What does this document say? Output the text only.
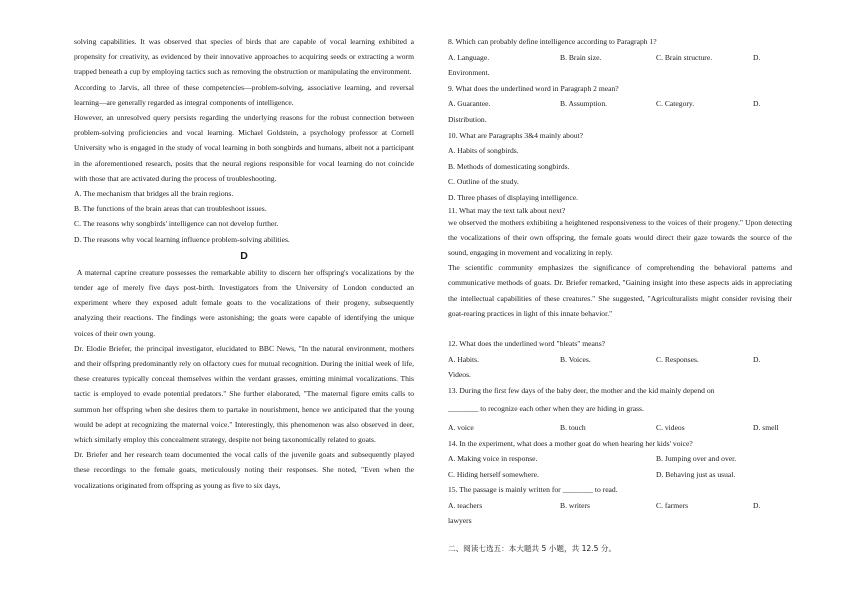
solving capabilities. It was observed that species of birds that are capable of vocal learning exhibited a propensity for creativity, as evidenced by their innovative approaches to acquiring seeds or extracting a worm trapped beneath a cup by employing tactics such as removing the obstruction or manipulating the environment.

According to Jarvis, all three of these competencies—problem-solving, associative learning, and reversal learning—are generally regarded as integral components of intelligence.

However, an unresolved query persists regarding the underlying reasons for the robust connection between problem-solving proficiencies and vocal learning. Michael Goldstein, a psychology professor at Cornell University who is engaged in the study of vocal learning in both songbirds and humans, albeit not a participant in the aforementioned research, posits that the neural regions responsible for vocal learning do not coincide with those that are activated during the process of troubleshooting.

A. The mechanism that bridges all the brain regions.

B. The functions of the brain areas that can troubleshoot issues.

C. The reasons why songbirds' intelligence can not develop further.

D. The reasons why vocal learning influence problem-solving abilities.

D

A maternal caprine creature possesses the remarkable ability to discern her offspring's vocalizations by the tender age of merely five days post-birth. Investigators from the University of London conducted an experiment where they exposed adult female goats to the vocalizations of their progeny, subsequently analyzing their reactions. The findings were astonishing; the goats were capable of identifying the unique voices of their own young.

Dr. Elodie Briefer, the principal investigator, elucidated to BBC News, "In the natural environment, mothers and their offspring predominantly rely on olfactory cues for mutual recognition. During the initial week of life, these creatures typically conceal themselves within the verdant grasses, emitting minimal vocalizations. This tactic is employed to evade potential predators." She further elaborated, "The maternal figure emits calls to summon her offspring when she desires them to partake in nourishment, hence we anticipated that the young would be adept at recognizing the maternal voice." Interestingly, this phenomenon was also observed in deer, which similarly employ this concealment strategy, despite not being taxonomically related to goats.

Dr. Briefer and her research team documented the vocal calls of the juvenile goats and subsequently played these recordings to the female goats, meticulously noting their responses. She noted, "Even when the vocalizations originated from offspring as young as five to six days,

8. Which can probably define intelligence according to Paragraph 1?

A. Language.	B. Brain size.	C. Brain structure.	D.

Environment.

9. What does the underlined word in Paragraph 2 mean?

A. Guarantee.	B. Assumption.	C. Category.	D.

Distribution.

10. What are Paragraphs 3&4 mainly about?

A. Habits of songbirds.

B. Methods of domesticating songbirds.

C. Outline of the study.

D. Three phases of displaying intelligence.

11. What may the text talk about next?

we observed the mothers exhibiting a heightened responsiveness to the voices of their progeny." Upon detecting the vocalizations of their own offspring, the female goats would direct their gaze towards the source of the sound, engaging in movement and vocalizing in reply.

The scientific community emphasizes the significance of comprehending the behavioral patterns and communicative methods of goats. Dr. Briefer remarked, "Gaining insight into these aspects aids in appreciating the intellectual capabilities of these creatures." She suggested, "Agriculturalists might consider revising their goat-rearing practices in light of this innate behavior."

12. What does the underlined word "bleats" means?

A. Habits.	B. Voices.	C. Responses.	D.

Videos.

13. During the first few days of the baby deer, the mother and the kid mainly depend on

________ to recognize each other when they are hiding in grass.

A. voice	B. touch	C. videos	D. smell

14. In the experiment, what does a mother goat do when hearing her kids' voice?

A. Making voice in response.	B. Jumping over and over.
C. Hiding herself somewhere.	D. Behaving just as usual.

15. The passage is mainly written for ________ to read.

A. teachers	B. writers	C. farmers	D.

lawyers

二、阅读七选五：本大题共 5 小题，共 12.5 分。
